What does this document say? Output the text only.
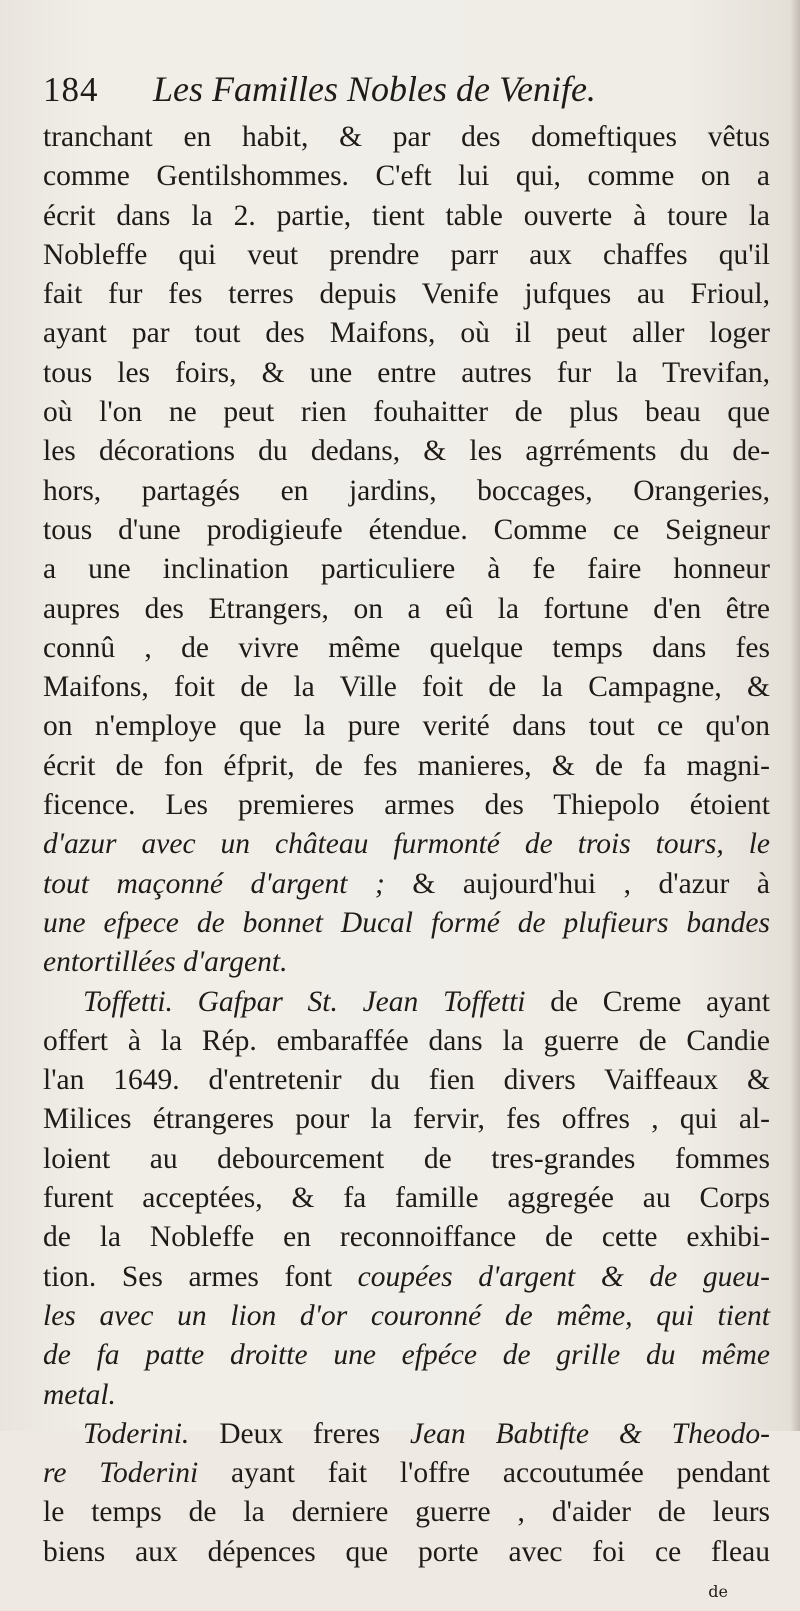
184	Les Familles Nobles de Venife.
tranchant en habit, & par des domeftiques vêtus
comme Gentilshommes. C'eft lui qui, comme on a
écrit dans la 2. partie, tient table ouverte à toure la
Nobleffe qui veut prendre parr aux chaffes qu'il
fait fur fes terres depuis Venife jufques au Frioul,
ayant par tout des Maifons, où il peut aller loger
tous les foirs, & une entre autres fur la Trevifan,
où l'on ne peut rien fouhaitter de plus beau que
les décorations du dedans, & les agrréments du de-
hors, partagés en jardins, boccages, Orangeries,
tous d'une prodigieufe étendue. Comme ce Seigneur
a une inclination particuliere à fe faire honneur
aupres des Etrangers, on a eû la fortune d'en être
connû , de vivre même quelque temps dans fes
Maifons, foit de la Ville foit de la Campagne, &
on n'employe que la pure verité dans tout ce qu'on
écrit de fon éfprit, de fes manieres, & de fa magni-
ficence. Les premieres armes des Thiepolo étoient
d'azur avec un château furmonté de trois tours, le
tout maçonné d'argent ; & aujourd'hui , d'azur à
une efpece de bonnet Ducal formé de plufieurs bandes
entortillées d'argent.
Toffetti. Gafpar St. Jean Toffetti de Creme ayant
offert à la Rép. embaraffée dans la guerre de Candie
l'an 1649. d'entretenir du fien divers Vaiffeaux &
Milices étrangeres pour la fervir, fes offres , qui al-
loient au debourcement de tres-grandes fommes
furent acceptées, & fa famille aggregée au Corps
de la Nobleffe en reconnoiffance de cette exhibi-
tion. Ses armes font coupées d'argent & de gueu-
les avec un lion d'or couronné de même, qui tient
de fa patte droitte une efpéce de grille du même
metal.
Toderini. Deux freres Jean Babtifte & Theodo-
re Toderini ayant fait l'offre accoutumée pendant
le temps de la derniere guerre , d'aider de leurs
biens aux dépences que porte avec foi ce fleau
de
